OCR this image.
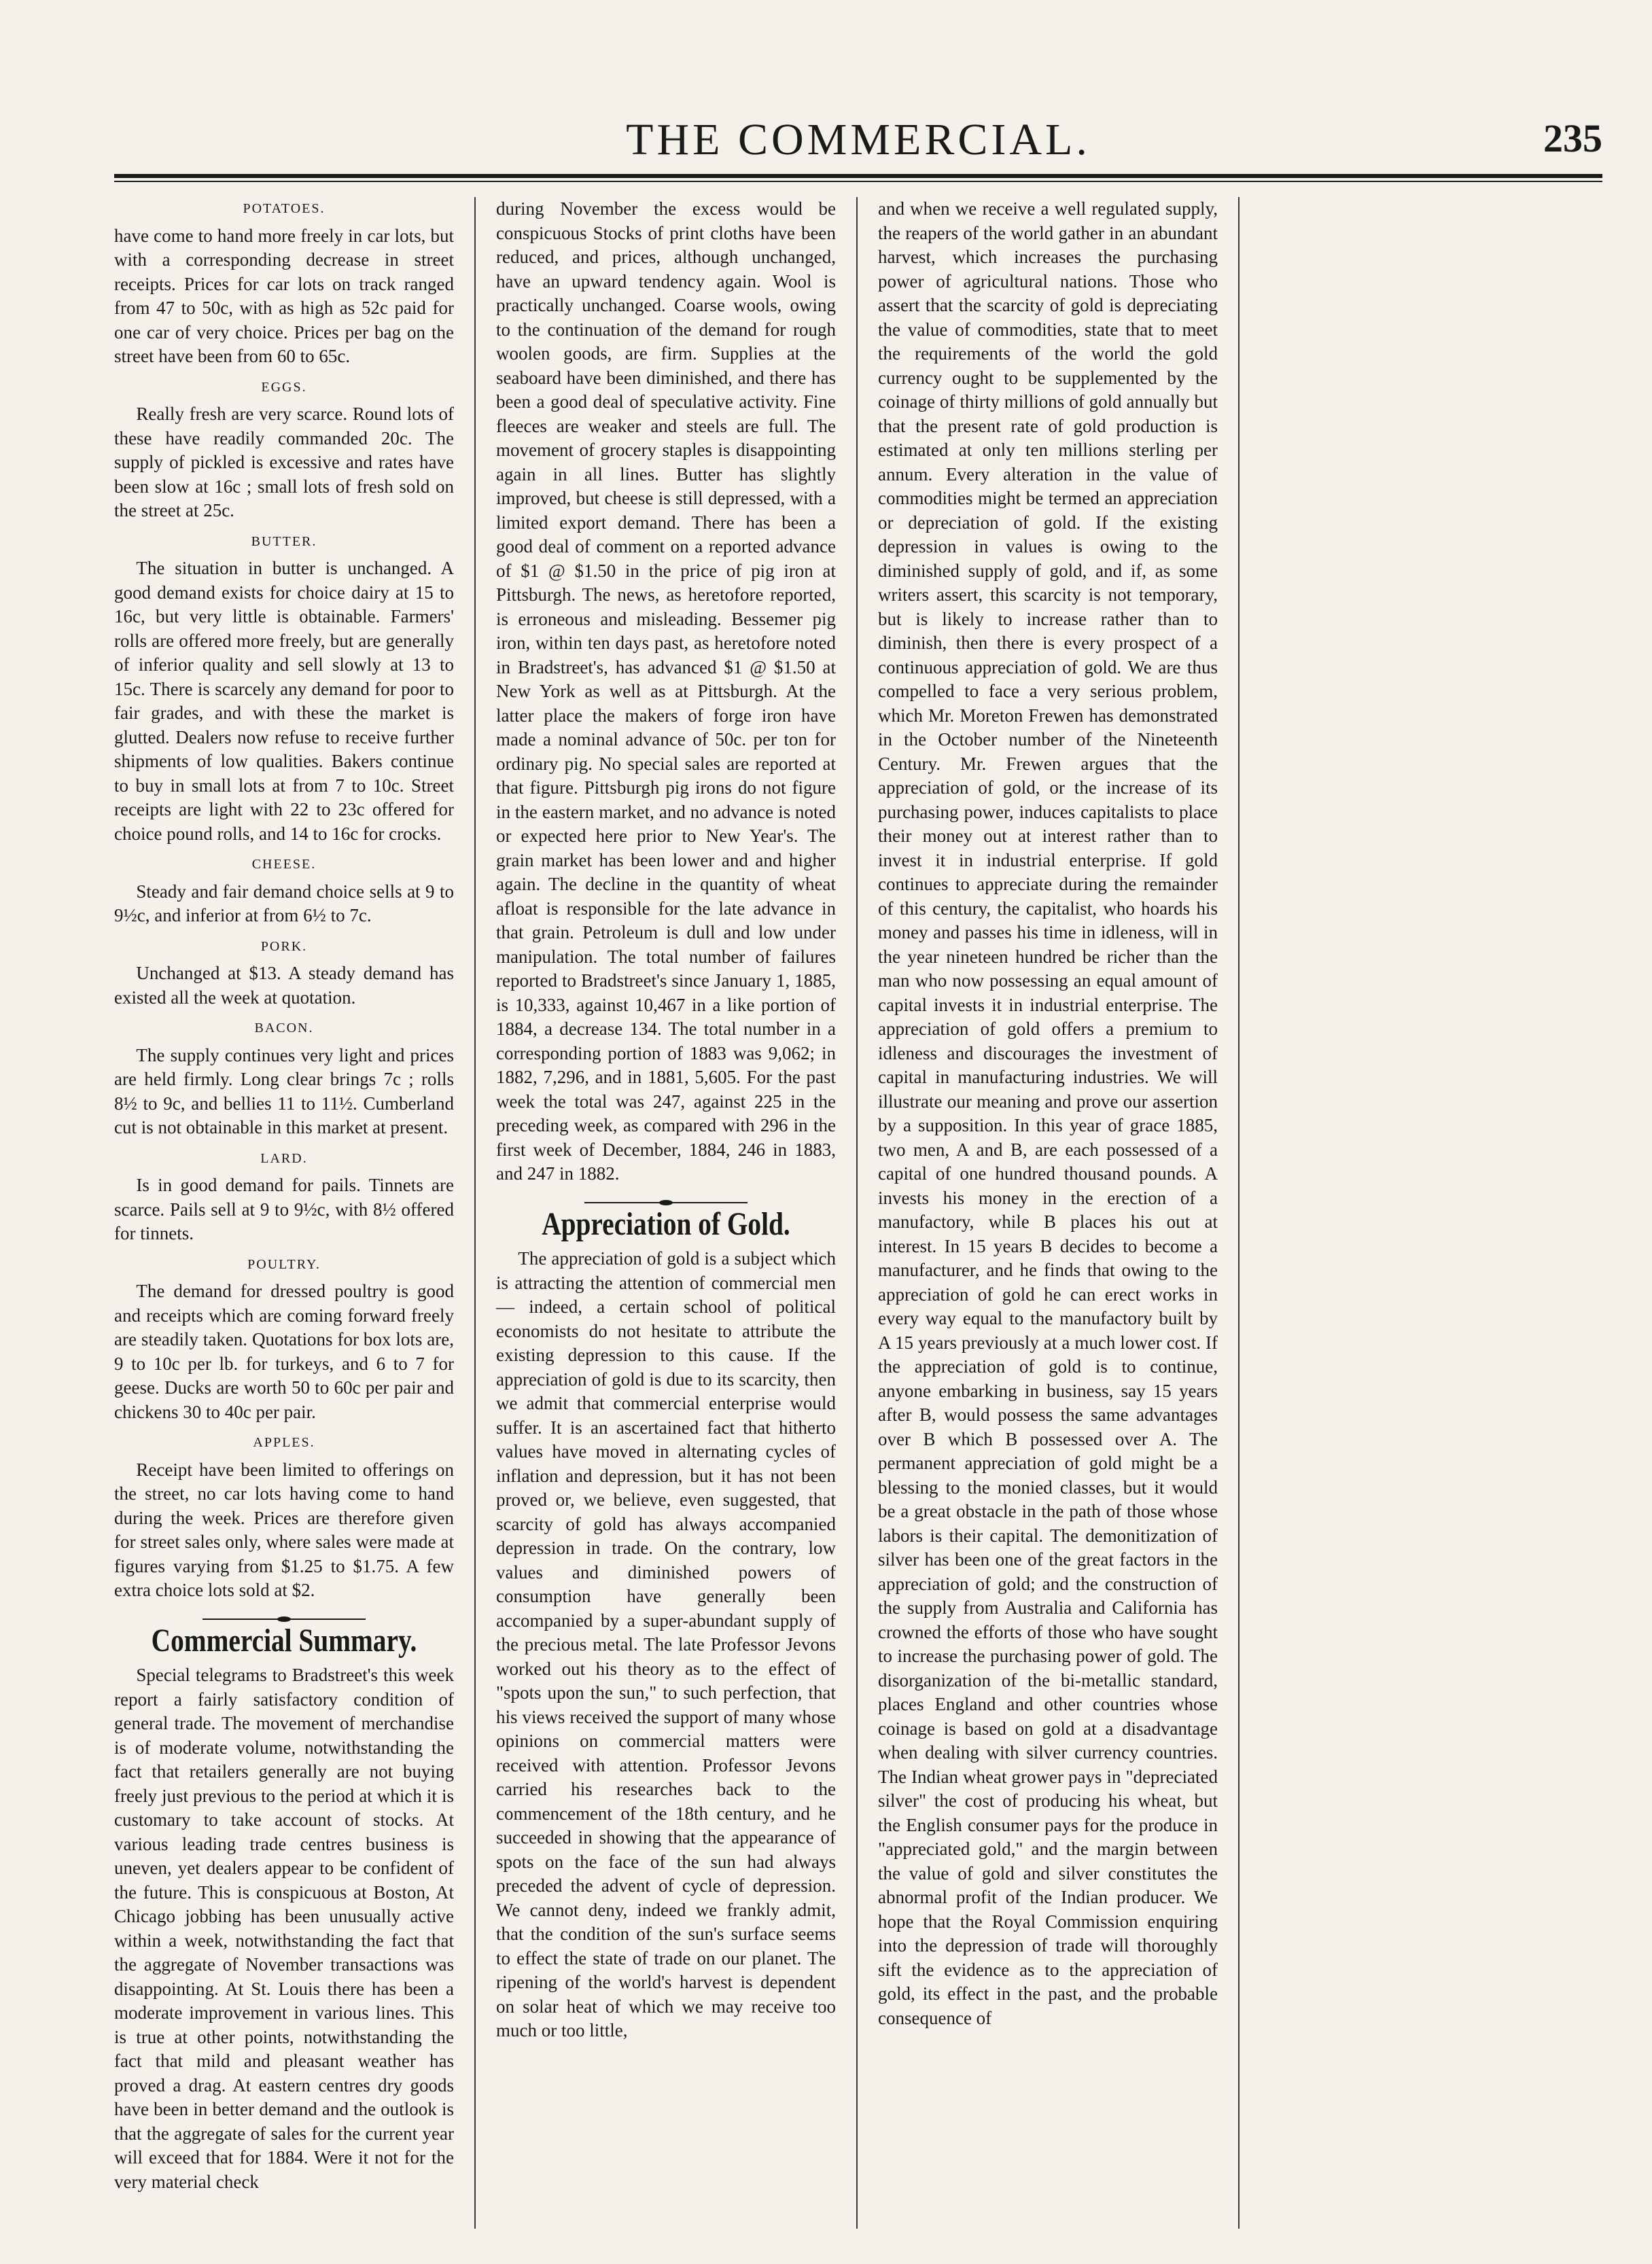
THE COMMERCIAL.	235
POTATOES.

have come to hand more freely in car lots, but with a corresponding decrease in street receipts. Prices for car lots on track ranged from 47 to 50c, with as high as 52c paid for one car of very choice. Prices per bag on the street have been from 60 to 65c.

EGGS.

Really fresh are very scarce. Round lots of these have readily commanded 20c. The supply of pickled is excessive and rates have been slow at 16c ; small lots of fresh sold on the street at 25c.

BUTTER.

The situation in butter is unchanged. A good demand exists for choice dairy at 15 to 16c, but very little is obtainable. Farmers' rolls are offered more freely, but are generally of inferior quality and sell slowly at 13 to 15c. There is scarcely any demand for poor to fair grades, and with these the market is glutted. Dealers now refuse to receive further shipments of low qualities. Bakers continue to buy in small lots at from 7 to 10c. Street receipts are light with 22 to 23c offered for choice pound rolls, and 14 to 16c for crocks.

CHEESE.

Steady and fair demand choice sells at 9 to 9½c, and inferior at from 6½ to 7c.

PORK.

Unchanged at $13. A steady demand has existed all the week at quotation.

BACON.

The supply continues very light and prices are held firmly. Long clear brings 7c ; rolls 8½ to 9c, and bellies 11 to 11½. Cumberland cut is not obtainable in this market at present.

LARD.

Is in good demand for pails. Tinnets are scarce. Pails sell at 9 to 9½c, with 8½ offered for tinnets.

POULTRY.

The demand for dressed poultry is good and receipts which are coming forward freely are steadily taken. Quotations for box lots are, 9 to 10c per lb. for turkeys, and 6 to 7 for geese. Ducks are worth 50 to 60c per pair and chickens 30 to 40c per pair.

APPLES.

Receipt have been limited to offerings on the street, no car lots having come to hand during the week. Prices are therefore given for street sales only, where sales were made at figures varying from $1.25 to $1.75. A few extra choice lots sold at $2.

Commercial Summary.

Special telegrams to Bradstreet's this week report a fairly satisfactory condition of general trade. The movement of merchandise is of moderate volume, notwithstanding the fact that retailers generally are not buying freely just previous to the period at which it is customary to take account of stocks. At various leading trade centres business is uneven, yet dealers appear to be confident of the future. This is conspicuous at Boston, At Chicago jobbing has been unusually active within a week, notwithstanding the fact that the aggregate of November transactions was disappointing. At St. Louis there has been a moderate improvement in various lines. This is true at other points, notwithstanding the fact that mild and pleasant weather has proved a drag. At eastern centres dry goods have been in better demand and the outlook is that the aggregate of sales for the current year will exceed that for 1884. Were it not for the very material check

during November the excess would be conspicuous Stocks of print cloths have been reduced, and prices, although unchanged, have an upward tendency again. Wool is practically unchanged. Coarse wools, owing to the continuation of the demand for rough woolen goods, are firm. Supplies at the seaboard have been diminished, and there has been a good deal of speculative activity. Fine fleeces are weaker and steels are full. The movement of grocery staples is disappointing again in all lines. Butter has slightly improved, but cheese is still depressed, with a limited export demand. There has been a good deal of comment on a reported advance of $1 @ $1.50 in the price of pig iron at Pittsburgh. The news, as heretofore reported, is erroneous and misleading. Bessemer pig iron, within ten days past, as heretofore noted in Bradstreet's, has advanced $1 @ $1.50 at New York as well as at Pittsburgh. At the latter place the makers of forge iron have made a nominal advance of 50c. per ton for ordinary pig. No special sales are reported at that figure. Pittsburgh pig irons do not figure in the eastern market, and no advance is noted or expected here prior to New Year's. The grain market has been lower and and higher again. The decline in the quantity of wheat afloat is responsible for the late advance in that grain. Petroleum is dull and low under manipulation. The total number of failures reported to Bradstreet's since January 1, 1885, is 10,333, against 10,467 in a like portion of 1884, a decrease 134. The total number in a corresponding portion of 1883 was 9,062; in 1882, 7,296, and in 1881, 5,605. For the past week the total was 247, against 225 in the preceding week, as compared with 296 in the first week of December, 1884, 246 in 1883, and 247 in 1882.

Appreciation of Gold.

The appreciation of gold is a subject which is attracting the attention of commercial men— indeed, a certain school of political economists do not hesitate to attribute the existing depression to this cause. If the appreciation of gold is due to its scarcity, then we admit that commercial enterprise would suffer. It is an ascertained fact that hitherto values have moved in alternating cycles of inflation and depression, but it has not been proved or, we believe, even suggested, that scarcity of gold has always accompanied depression in trade. On the contrary, low values and diminished powers of consumption have generally been accompanied by a super-abundant supply of the precious metal. The late Professor Jevons worked out his theory as to the effect of "spots upon the sun," to such perfection, that his views received the support of many whose opinions on commercial matters were received with attention. Professor Jevons carried his researches back to the commencement of the 18th century, and he succeeded in showing that the appearance of spots on the face of the sun had always preceded the advent of cycle of depression. We cannot deny, indeed we frankly admit, that the condition of the sun's surface seems to effect the state of trade on our planet. The ripening of the world's harvest is dependent on solar heat of which we may receive too much or too little,

and when we receive a well regulated supply, the reapers of the world gather in an abundant harvest, which increases the purchasing power of agricultural nations. Those who assert that the scarcity of gold is depreciating the value of commodities, state that to meet the requirements of the world the gold currency ought to be supplemented by the coinage of thirty millions of gold annually but that the present rate of gold production is estimated at only ten millions sterling per annum. Every alteration in the value of commodities might be termed an appreciation or depreciation of gold. If the existing depression in values is owing to the diminished supply of gold, and if, as some writers assert, this scarcity is not temporary, but is likely to increase rather than to diminish, then there is every prospect of a continuous appreciation of gold. We are thus compelled to face a very serious problem, which Mr. Moreton Frewen has demonstrated in the October number of the Nineteenth Century. Mr. Frewen argues that the appreciation of gold, or the increase of its purchasing power, induces capitalists to place their money out at interest rather than to invest it in industrial enterprise. If gold continues to appreciate during the remainder of this century, the capitalist, who hoards his money and passes his time in idleness, will in the year nineteen hundred be richer than the man who now possessing an equal amount of capital invests it in industrial enterprise. The appreciation of gold offers a premium to idleness and discourages the investment of capital in manufacturing industries. We will illustrate our meaning and prove our assertion by a supposition. In this year of grace 1885, two men, A and B, are each possessed of a capital of one hundred thousand pounds. A invests his money in the erection of a manufactory, while B places his out at interest. In 15 years B decides to become a manufacturer, and he finds that owing to the appreciation of gold he can erect works in every way equal to the manufactory built by A 15 years previously at a much lower cost. If the appreciation of gold is to continue, anyone embarking in business, say 15 years after B, would possess the same advantages over B which B possessed over A. The permanent appreciation of gold might be a blessing to the monied classes, but it would be a great obstacle in the path of those whose labors is their capital. The demonitization of silver has been one of the great factors in the appreciation of gold; and the construction of the supply from Australia and California has crowned the efforts of those who have sought to increase the purchasing power of gold. The disorganization of the bi-metallic standard, places England and other countries whose coinage is based on gold at a disadvantage when dealing with silver currency countries. The Indian wheat grower pays in "depreciated silver" the cost of producing his wheat, but the English consumer pays for the produce in "appreciated gold," and the margin between the value of gold and silver constitutes the abnormal profit of the Indian producer. We hope that the Royal Commission enquiring into the depression of trade will thoroughly sift the evidence as to the appreciation of gold, its effect in the past, and the probable consequence of
